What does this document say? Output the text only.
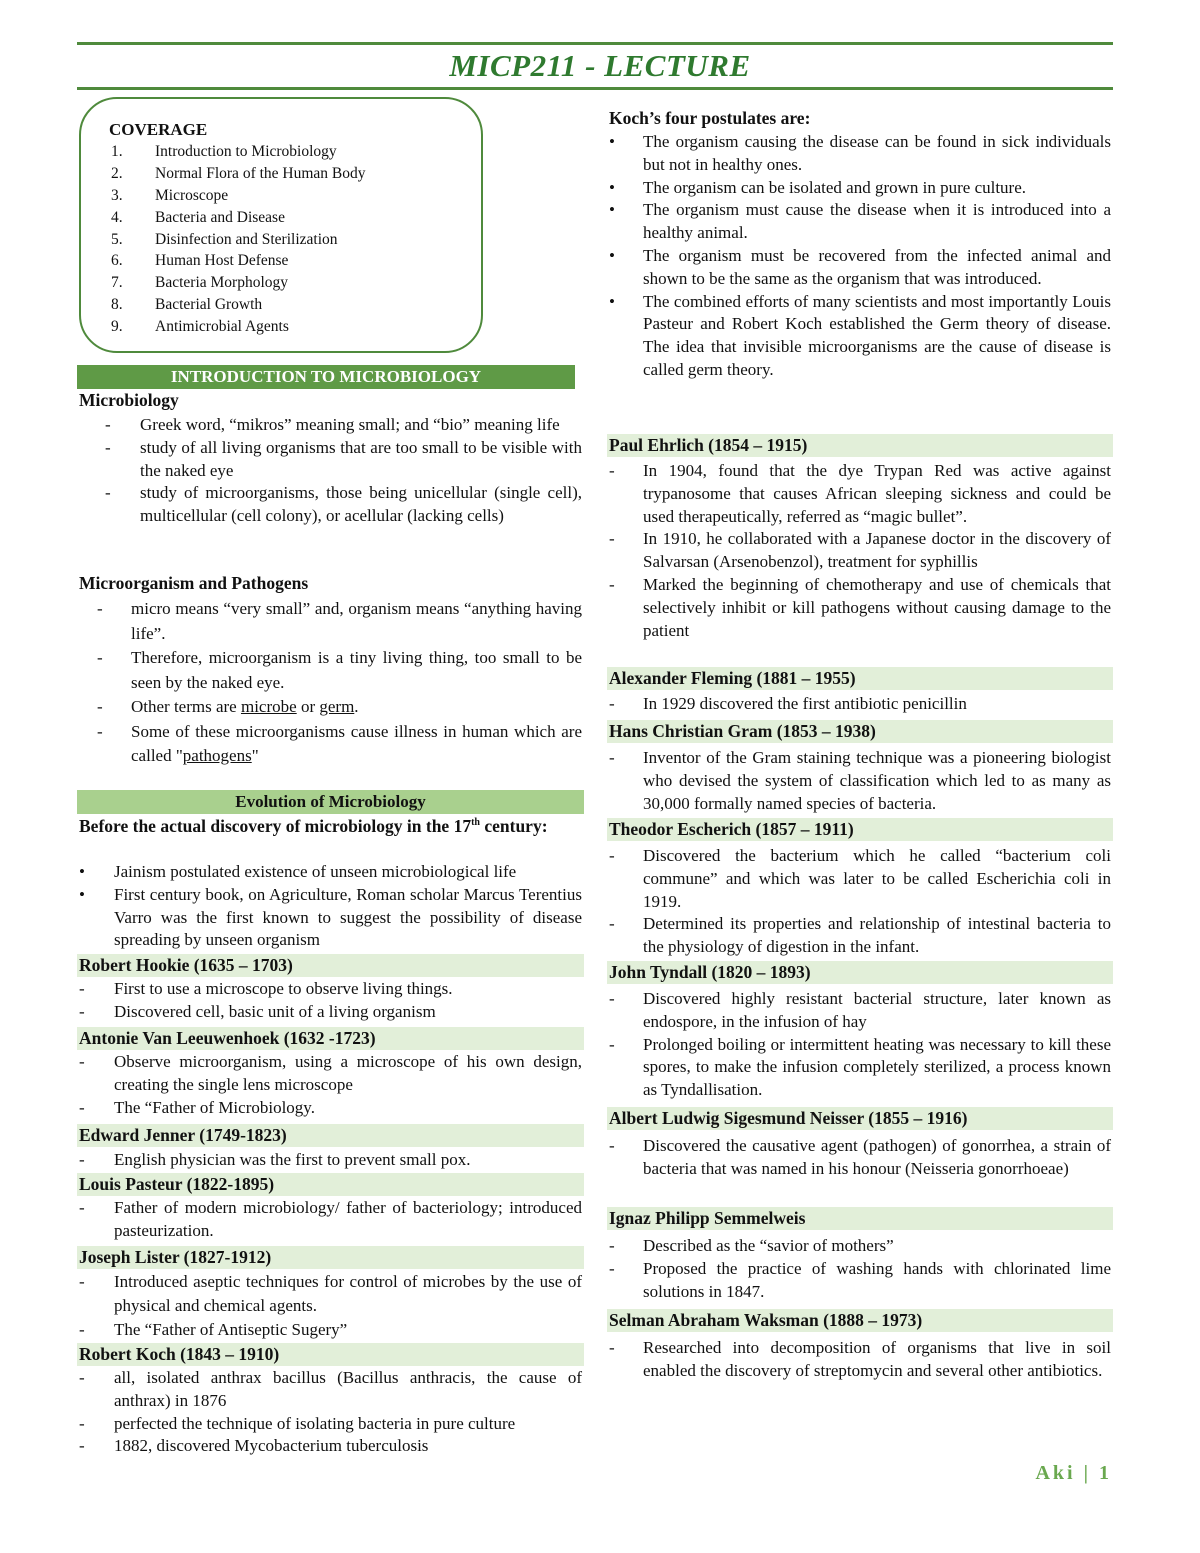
MICP211 - LECTURE
COVERAGE
1. Introduction to Microbiology
2. Normal Flora of the Human Body
3. Microscope
4. Bacteria and Disease
5. Disinfection and Sterilization
6. Human Host Defense
7. Bacteria Morphology
8. Bacterial Growth
9. Antimicrobial Agents
INTRODUCTION TO MICROBIOLOGY
Microbiology
- Greek word, “mikros” meaning small; and “bio” meaning life
- study of all living organisms that are too small to be visible with the naked eye
- study of microorganisms, those being unicellular (single cell), multicellular (cell colony), or acellular (lacking cells)
Microorganism and Pathogens
- micro means “very small” and, organism means “anything having life”.
- Therefore, microorganism is a tiny living thing, too small to be seen by the naked eye.
- Other terms are microbe or germ.
- Some of these microorganisms cause illness in human which are called "pathogens"
Evolution of Microbiology
Before the actual discovery of microbiology in the 17th century:
• Jainism postulated existence of unseen microbiological life
• First century book, on Agriculture, Roman scholar Marcus Terentius Varro was the first known to suggest the possibility of disease spreading by unseen organism
Robert Hookie (1635 – 1703)
- First to use a microscope to observe living things.
- Discovered cell, basic unit of a living organism
Antonie Van Leeuwenhoek (1632 -1723)
- Observe microorganism, using a microscope of his own design, creating the single lens microscope
- The “Father of Microbiology.
Edward Jenner (1749-1823)
- English physician was the first to prevent small pox.
Louis Pasteur (1822-1895)
- Father of modern microbiology/ father of bacteriology; introduced pasteurization.
Joseph Lister (1827-1912)
- Introduced aseptic techniques for control of microbes by the use of physical and chemical agents.
- The “Father of Antiseptic Sugery”
Robert Koch (1843 – 1910)
- all, isolated anthrax bacillus (Bacillus anthracis, the cause of anthrax) in 1876
- perfected the technique of isolating bacteria in pure culture
- 1882, discovered Mycobacterium tuberculosis
Koch’s four postulates are:
• The organism causing the disease can be found in sick individuals but not in healthy ones.
• The organism can be isolated and grown in pure culture.
• The organism must cause the disease when it is introduced into a healthy animal.
• The organism must be recovered from the infected animal and shown to be the same as the organism that was introduced.
• The combined efforts of many scientists and most importantly Louis Pasteur and Robert Koch established the Germ theory of disease. The idea that invisible microorganisms are the cause of disease is called germ theory.
Paul Ehrlich (1854 – 1915)
- In 1904, found that the dye Trypan Red was active against trypanosome that causes African sleeping sickness and could be used therapeutically, referred as “magic bullet”.
- In 1910, he collaborated with a Japanese doctor in the discovery of Salvarsan (Arsenobenzol), treatment for syphillis
- Marked the beginning of chemotherapy and use of chemicals that selectively inhibit or kill pathogens without causing damage to the patient
Alexander Fleming (1881 – 1955)
- In 1929 discovered the first antibiotic penicillin
Hans Christian Gram (1853 – 1938)
- Inventor of the Gram staining technique was a pioneering biologist who devised the system of classification which led to as many as 30,000 formally named species of bacteria.
Theodor Escherich (1857 – 1911)
- Discovered the bacterium which he called “bacterium coli commune” and which was later to be called Escherichia coli in 1919.
- Determined its properties and relationship of intestinal bacteria to the physiology of digestion in the infant.
John Tyndall (1820 – 1893)
- Discovered highly resistant bacterial structure, later known as endospore, in the infusion of hay
- Prolonged boiling or intermittent heating was necessary to kill these spores, to make the infusion completely sterilized, a process known as Tyndallisation.
Albert Ludwig Sigesmund Neisser (1855 – 1916)
- Discovered the causative agent (pathogen) of gonorrhea, a strain of bacteria that was named in his honour (Neisseria gonorrhoeae)
Ignaz Philipp Semmelweis
- Described as the “savior of mothers”
- Proposed the practice of washing hands with chlorinated lime solutions in 1847.
Selman Abraham Waksman (1888 – 1973)
- Researched into decomposition of organisms that live in soil enabled the discovery of streptomycin and several other antibiotics.
Aki | 1
